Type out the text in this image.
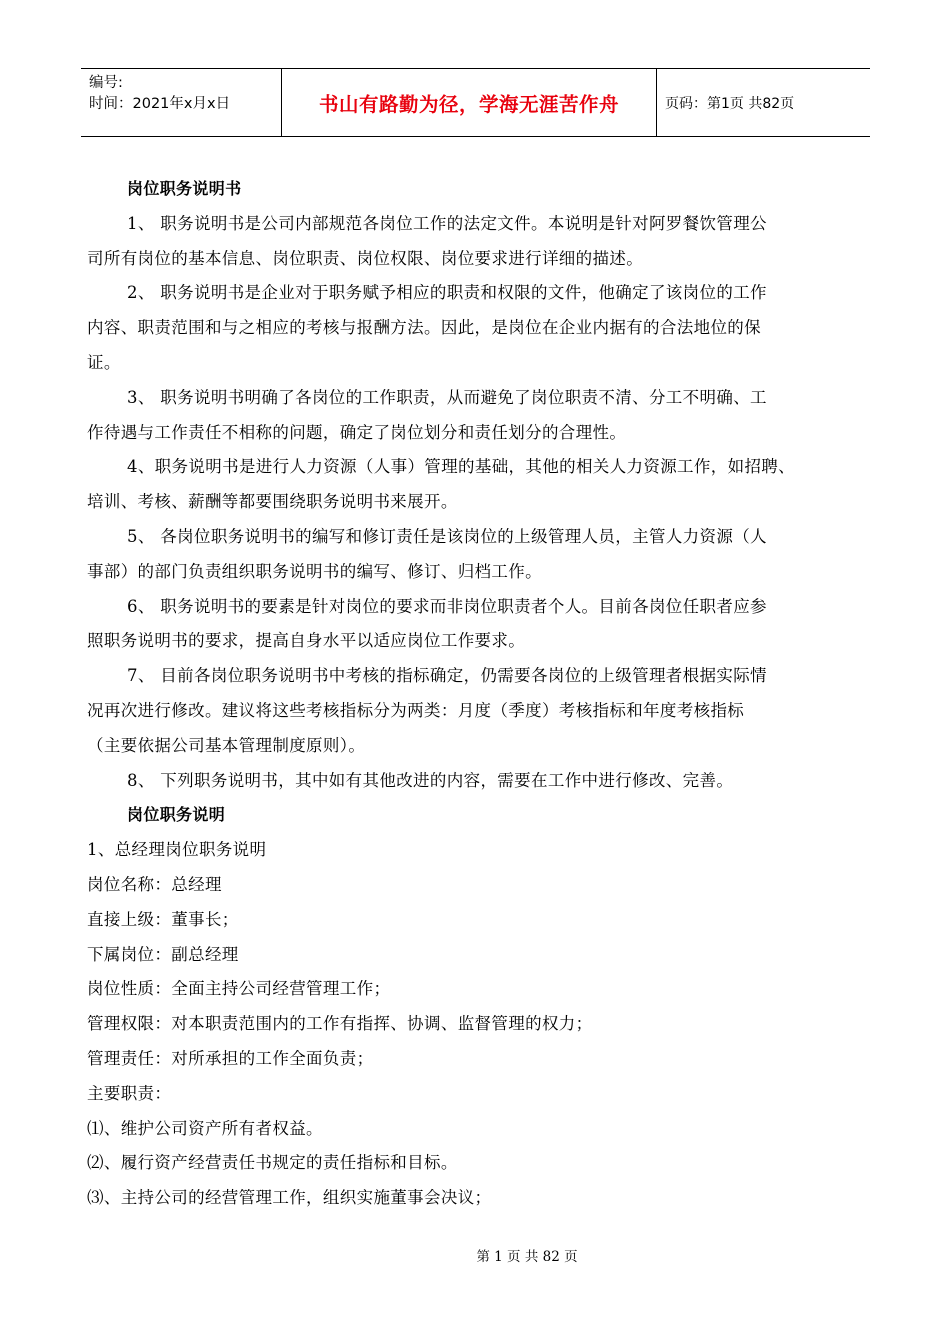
编号:
时间：2021年x月x日	书山有路勤为径，学海无涯苦作舟	页码：第1页 共82页
岗位职务说明书
1、 职务说明书是公司内部规范各岗位工作的法定文件。本说明是针对阿罗餐饮管理公
司所有岗位的基本信息、岗位职责、岗位权限、岗位要求进行详细的描述。
2、 职务说明书是企业对于职务赋予相应的职责和权限的文件，他确定了该岗位的工作
内容、职责范围和与之相应的考核与报酬方法。因此，是岗位在企业内据有的合法地位的保
证。
3、 职务说明书明确了各岗位的工作职责，从而避免了岗位职责不清、分工不明确、工
作待遇与工作责任不相称的问题，确定了岗位划分和责任划分的合理性。
4、职务说明书是进行人力资源（人事）管理的基础，其他的相关人力资源工作，如招聘、
培训、考核、薪酬等都要围绕职务说明书来展开。
5、 各岗位职务说明书的编写和修订责任是该岗位的上级管理人员，主管人力资源（人
事部）的部门负责组织职务说明书的编写、修订、归档工作。
6、 职务说明书的要素是针对岗位的要求而非岗位职责者个人。目前各岗位任职者应参
照职务说明书的要求，提高自身水平以适应岗位工作要求。
7、 目前各岗位职务说明书中考核的指标确定，仍需要各岗位的上级管理者根据实际情
况再次进行修改。建议将这些考核指标分为两类：月度（季度）考核指标和年度考核指标
（主要依据公司基本管理制度原则）。
8、 下列职务说明书，其中如有其他改进的内容，需要在工作中进行修改、完善。
岗位职务说明
1、总经理岗位职务说明
岗位名称：总经理
直接上级：董事长；
下属岗位：副总经理
岗位性质：全面主持公司经营管理工作；
管理权限：对本职责范围内的工作有指挥、协调、监督管理的权力；
管理责任：对所承担的工作全面负责；
主要职责：
⑴、维护公司资产所有者权益。
⑵、履行资产经营责任书规定的责任指标和目标。
⑶、主持公司的经营管理工作，组织实施董事会决议；
第 1 页 共 82 页
